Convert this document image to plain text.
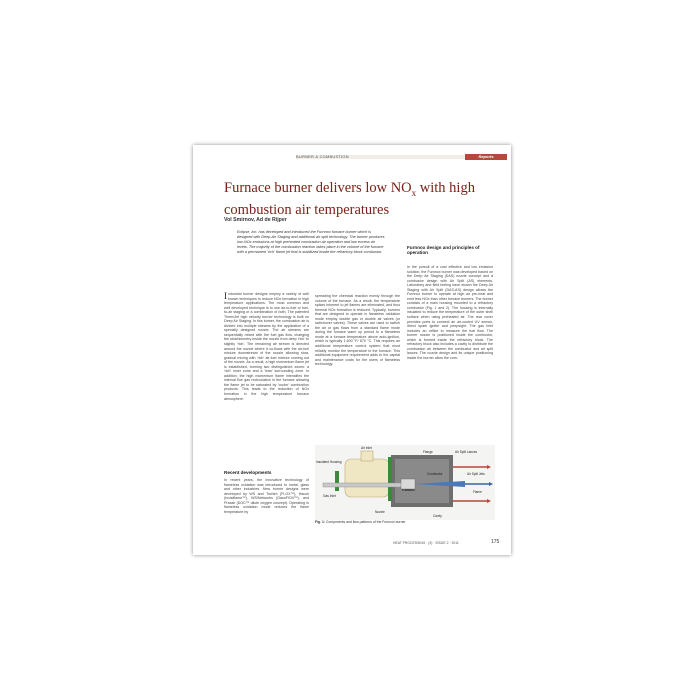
BURNER & COMBUSTION	Reports
Furnace burner delivers low $NO_x$ with high combustion air temperatures
Vol Smirnov, Ad de Rijper

Eclipse, Inc. has developed and introduced the Furnnox furnace burner which is designed with Deep-Air Staging and additional air split technology. The burner produces low-NOx emissions at high preheated combustion air operation and low excess air levels. The majority of the combustion reaction takes place in the volume of the furnace with a permanent 'rich' flame jet that is stabilized inside the refractory block combustor.

Industrial burner designs employ a variety of well known techniques to reduce NOx formation in high temperature applications. The most common and well developed technique is to use air-to-fuel or fuel-to-air staging or a combination of both. The patented ThermJet high velocity burner technology is built on Deep Air Staging. In this burner, the combustion air is divided into multiple streams by the application of a specially designed nozzle. The air streams are sequentially mixed with the fuel gas flow, changing the stoichiometry inside the nozzle from deep 'rich' to slightly 'rich'. The remaining air stream is directed around the nozzle where it co-flows with the air-fuel mixture downstream of the nozzle allowing slow, gradual mixing with 'rich' air-fuel mixture coming out of the nozzle. As a result, a high momentum flame jet is established, forming two distinguished zones: a 'rich' inner zone and a 'lean' surrounding zone. In addition, the high momentum flame intensifies the internal flue gas recirculation in the furnace allowing the flame jet to be saturated by 'cooler' combustion products. This leads to the reduction of NOx formation in the high temperature furnace atmosphere.
Recent developments

In recent years, the innovative technology of flameless oxidation was introduced to metal, glass and other industries. New burner designs were developed by WS and Tochim (FLOX™), Hauck (Invisiflame™), WS/Networks (GasoFlOX™), and Praxair (DOC™ dilute oxygen concept). Operating in flameless oxidation mode reduces the flame temperature by

spreading the chemical reaction evenly through the volume of the furnace. As a result, the temperature spikes inherent to jet flames are eliminated, and thus thermal NOx formation is reduced. Typically, burners that are designed to operate in flameless oxidation mode employ double gas or double air valves (or switchover valves). These valves are used to switch the air or gas flows from a standard flame mode during the furnace warm up period to a flameless mode at a furnace temperature above auto-ignition, which is typically 1,600 °F/ 870 °C. This requires an additional temperature control system that must reliably monitor the temperature in the furnace. This additional equipment requirement adds to the capital and maintenance costs for the users of flameless technology.

Furnnox design and principles of operation

In the pursuit of a cost effective and low emission solution, the Furnnox burner was developed based on the Deep Air Staging (DAS) nozzle concept and a combustor design with Air Split (AS) elements. Laboratory and field testing have shown the Deep Air Staging with Air Split (DAS-AS) design allows the Furnnox burner to operate at high air pre-heat and emit less NOx than other furnace burners. The burner consists of a main housing mounted to a refractory combustor (Fig. 1 and 2). The housing is internally insulated to reduce the temperature of the outer shell surface when using preheated air. The rear cover provides ports to connect an air-cooled UV sensor, direct spark igniter and peepsight. The gas inlet includes an orifice to measure the fuel flow. The burner nozzle is positioned inside the combustor, which is formed inside the refractory block. The refractory block also includes a cavity to distribute the combustion air between the combustor and air split lances. The nozzle design and its unique positioning inside the burner allow the com-

Air Inlet
Flange	Air Split Lances
Insulated Housing
Combustor	Air Split Jets
Flame
Gas Inlet
Nozzle
Cavity
FURNNOX
Fig. 1: Components and flow patterns of the Furnnox burner
HEAT PROCESSING · (3) · ISSUE 2 · 2011	175
